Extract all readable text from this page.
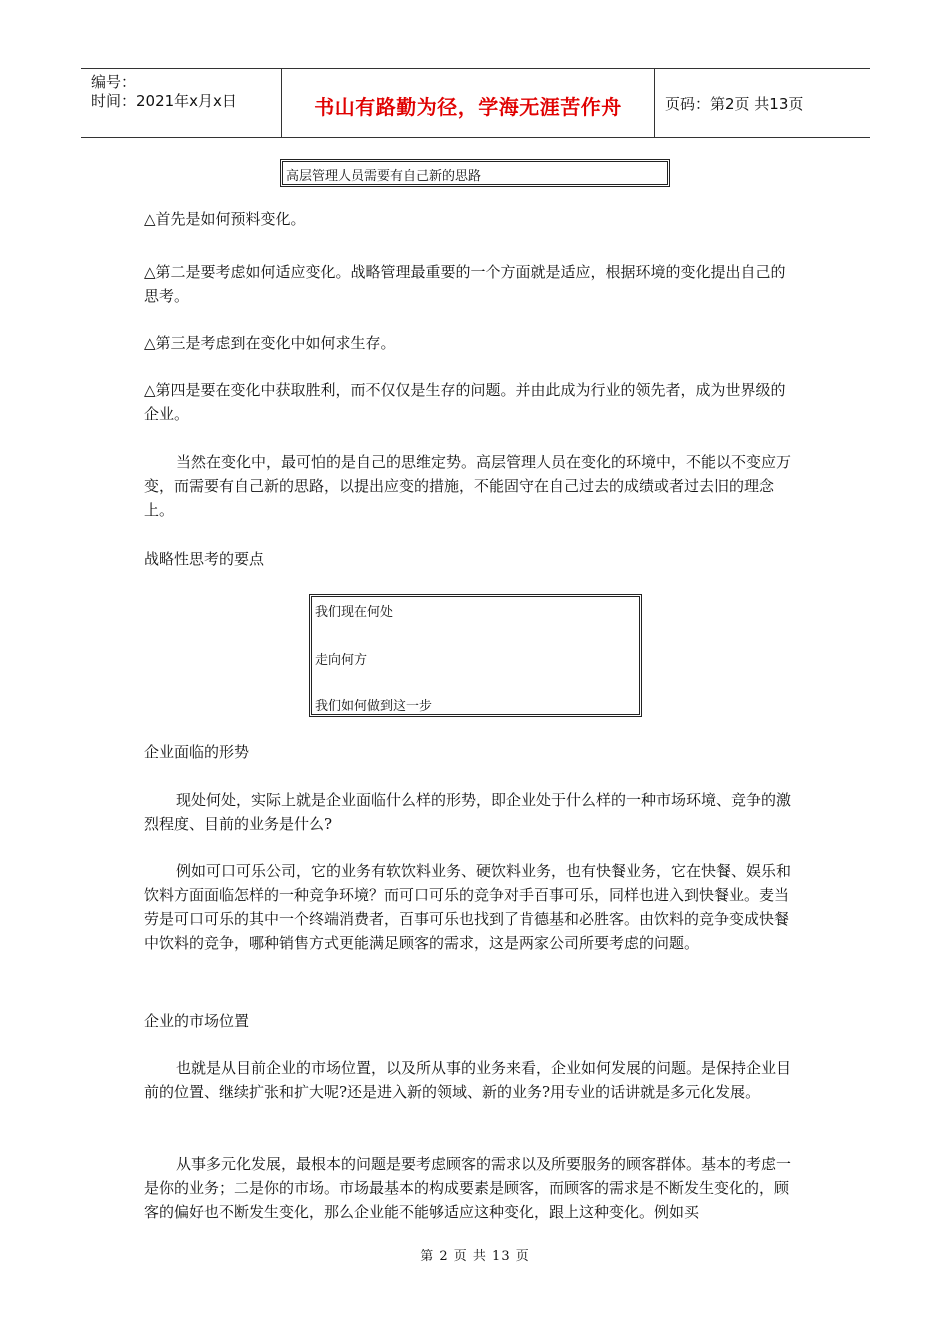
编号：
时间：2021年x月x日	书山有路勤为径，学海无涯苦作舟	页码：第2页 共13页
高层管理人员需要有自己新的思路

△首先是如何预料变化。

△第二是要考虑如何适应变化。战略管理最重要的一个方面就是适应，根据环境的变化提出自己的思考。

△第三是考虑到在变化中如何求生存。

△第四是要在变化中获取胜利，而不仅仅是生存的问题。并由此成为行业的领先者，成为世界级的企业。

当然在变化中，最可怕的是自己的思维定势。高层管理人员在变化的环境中，不能以不变应万变，而需要有自己新的思路，以提出应变的措施，不能固守在自己过去的成绩或者过去旧的理念上。

战略性思考的要点

我们现在何处
走向何方
我们如何做到这一步

企业面临的形势

现处何处，实际上就是企业面临什么样的形势，即企业处于什么样的一种市场环境、竞争的激烈程度、目前的业务是什么?

例如可口可乐公司，它的业务有软饮料业务、硬饮料业务，也有快餐业务，它在快餐、娱乐和饮料方面面临怎样的一种竞争环境？而可口可乐的竞争对手百事可乐，同样也进入到快餐业。麦当劳是可口可乐的其中一个终端消费者，百事可乐也找到了肯德基和必胜客。由饮料的竞争变成快餐中饮料的竞争，哪种销售方式更能满足顾客的需求，这是两家公司所要考虑的问题。

企业的市场位置

也就是从目前企业的市场位置，以及所从事的业务来看，企业如何发展的问题。是保持企业目前的位置、继续扩张和扩大呢?还是进入新的领域、新的业务?用专业的话讲就是多元化发展。

从事多元化发展，最根本的问题是要考虑顾客的需求以及所要服务的顾客群体。基本的考虑一是你的业务；二是你的市场。市场最基本的构成要素是顾客，而顾客的需求是不断发生变化的，顾客的偏好也不断发生变化，那么企业能不能够适应这种变化，跟上这种变化。例如买

第 2 页 共 13 页
